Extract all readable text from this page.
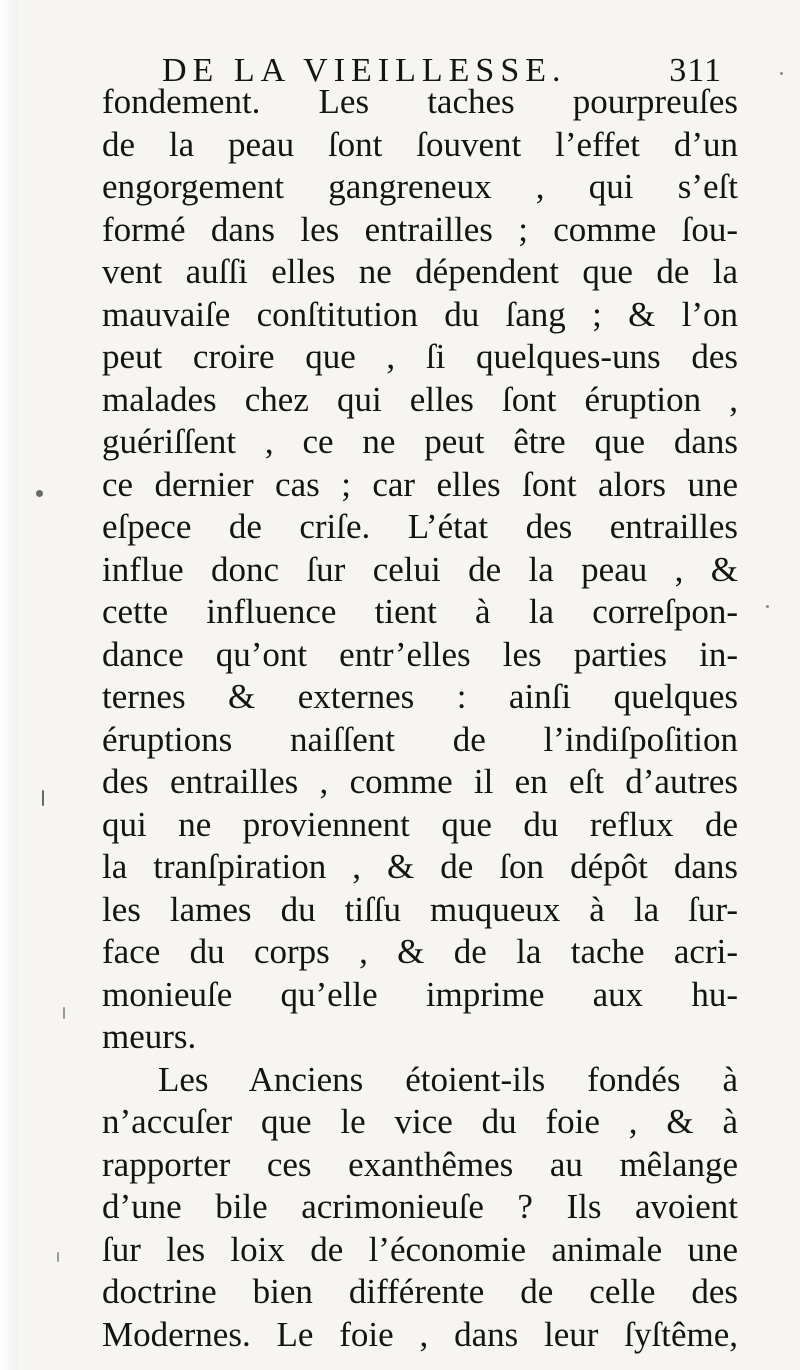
DE LA VIEILLESSE.	311
fondement. Les taches pourpreuſes
de la peau ſont ſouvent l’effet d’un
engorgement gangreneux , qui s’eſt
formé dans les entrailles ; comme ſou-
vent auſſi elles ne dépendent que de la
mauvaiſe conſtitution du ſang ; & l’on
peut croire que , ſi quelques-uns des
malades chez qui elles ſont éruption ,
guériſſent , ce ne peut être que dans
ce dernier cas ; car elles ſont alors une
eſpece de criſe. L’état des entrailles
influe donc ſur celui de la peau , &
cette influence tient à la correſpon-
dance qu’ont entr’elles les parties in-
ternes & externes : ainſi quelques
éruptions naiſſent de l’indiſpoſition
des entrailles , comme il en eſt d’autres
qui ne proviennent que du reflux de
la tranſpiration , & de ſon dépôt dans
les lames du tiſſu muqueux à la ſur-
face du corps , & de la tache acri-
monieuſe qu’elle imprime aux hu-
meurs.
Les Anciens étoient-ils fondés à
n’accuſer que le vice du foie , & à
rapporter ces exanthêmes au mêlange
d’une bile acrimonieuſe ? Ils avoient
ſur les loix de l’économie animale une
doctrine bien différente de celle des
Modernes. Le foie , dans leur ſyſtême,
